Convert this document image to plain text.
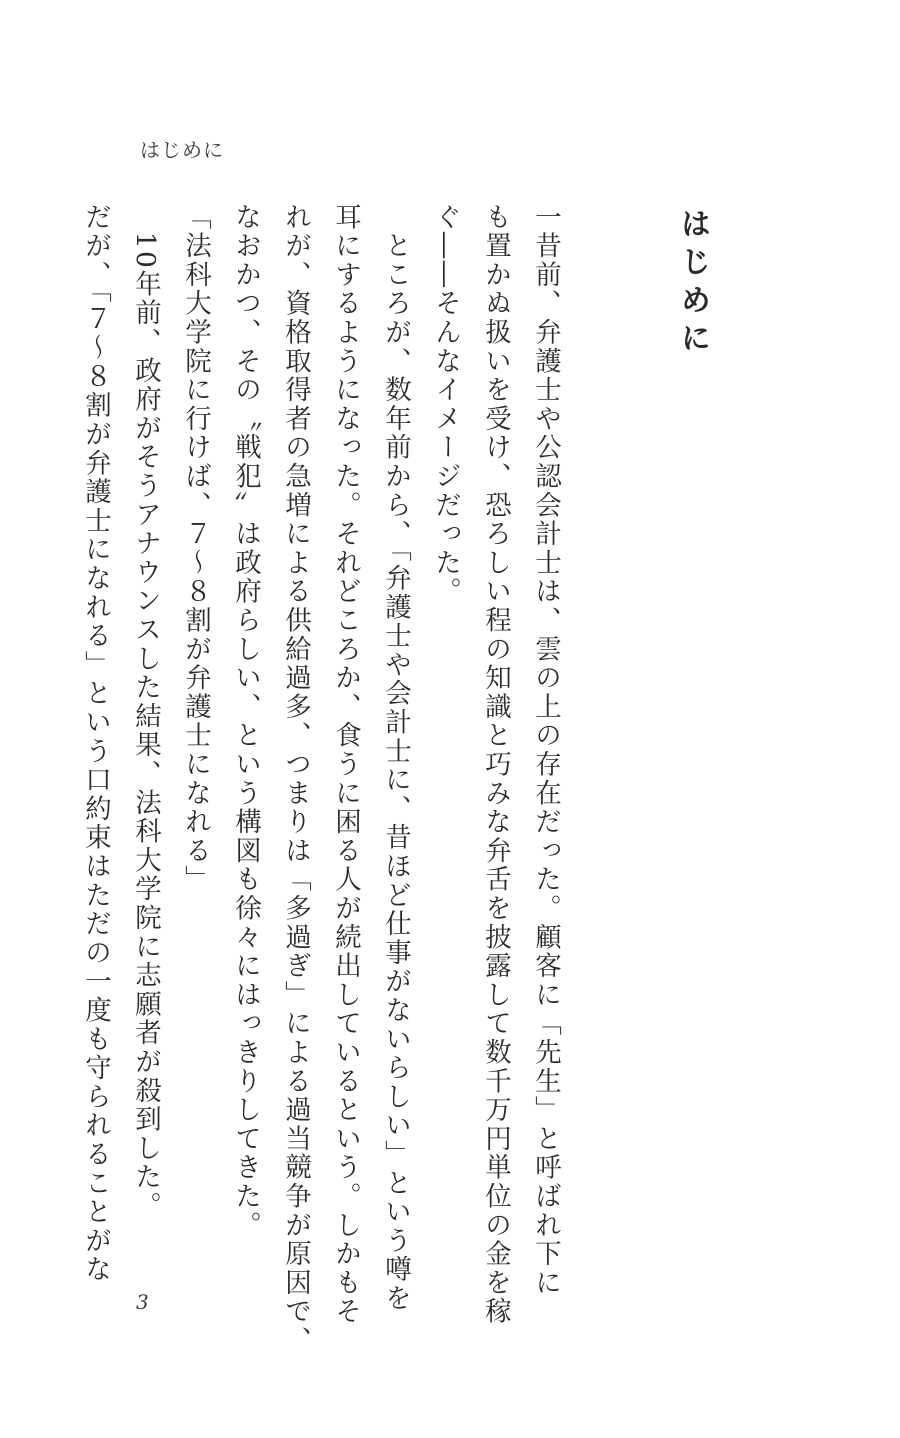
はじめに
はじめに
一昔前、弁護士や公認会計士は、雲の上の存在だった。顧客に「先生」と呼ばれ下に
も置かぬ扱いを受け、恐ろしい程の知識と巧みな弁舌を披露して数千万円単位の金を稼
ぐ――そんなイメージだった。
　ところが、数年前から、「弁護士や会計士に、昔ほど仕事がないらしい」という噂を
耳にするようになった。それどころか、食うに困る人が続出しているという。しかもそ
れが、資格取得者の急増による供給過多、つまりは「多過ぎ」による過当競争が原因で、
なおかつ、その〝戦犯〟は政府らしい、という構図も徐々にはっきりしてきた。
「法科大学院に行けば、７～８割が弁護士になれる」
　10年前、政府がそうアナウンスした結果、法科大学院に志願者が殺到した。
だが、「７～８割が弁護士になれる」という口約束はただの一度も守られることがな
3
